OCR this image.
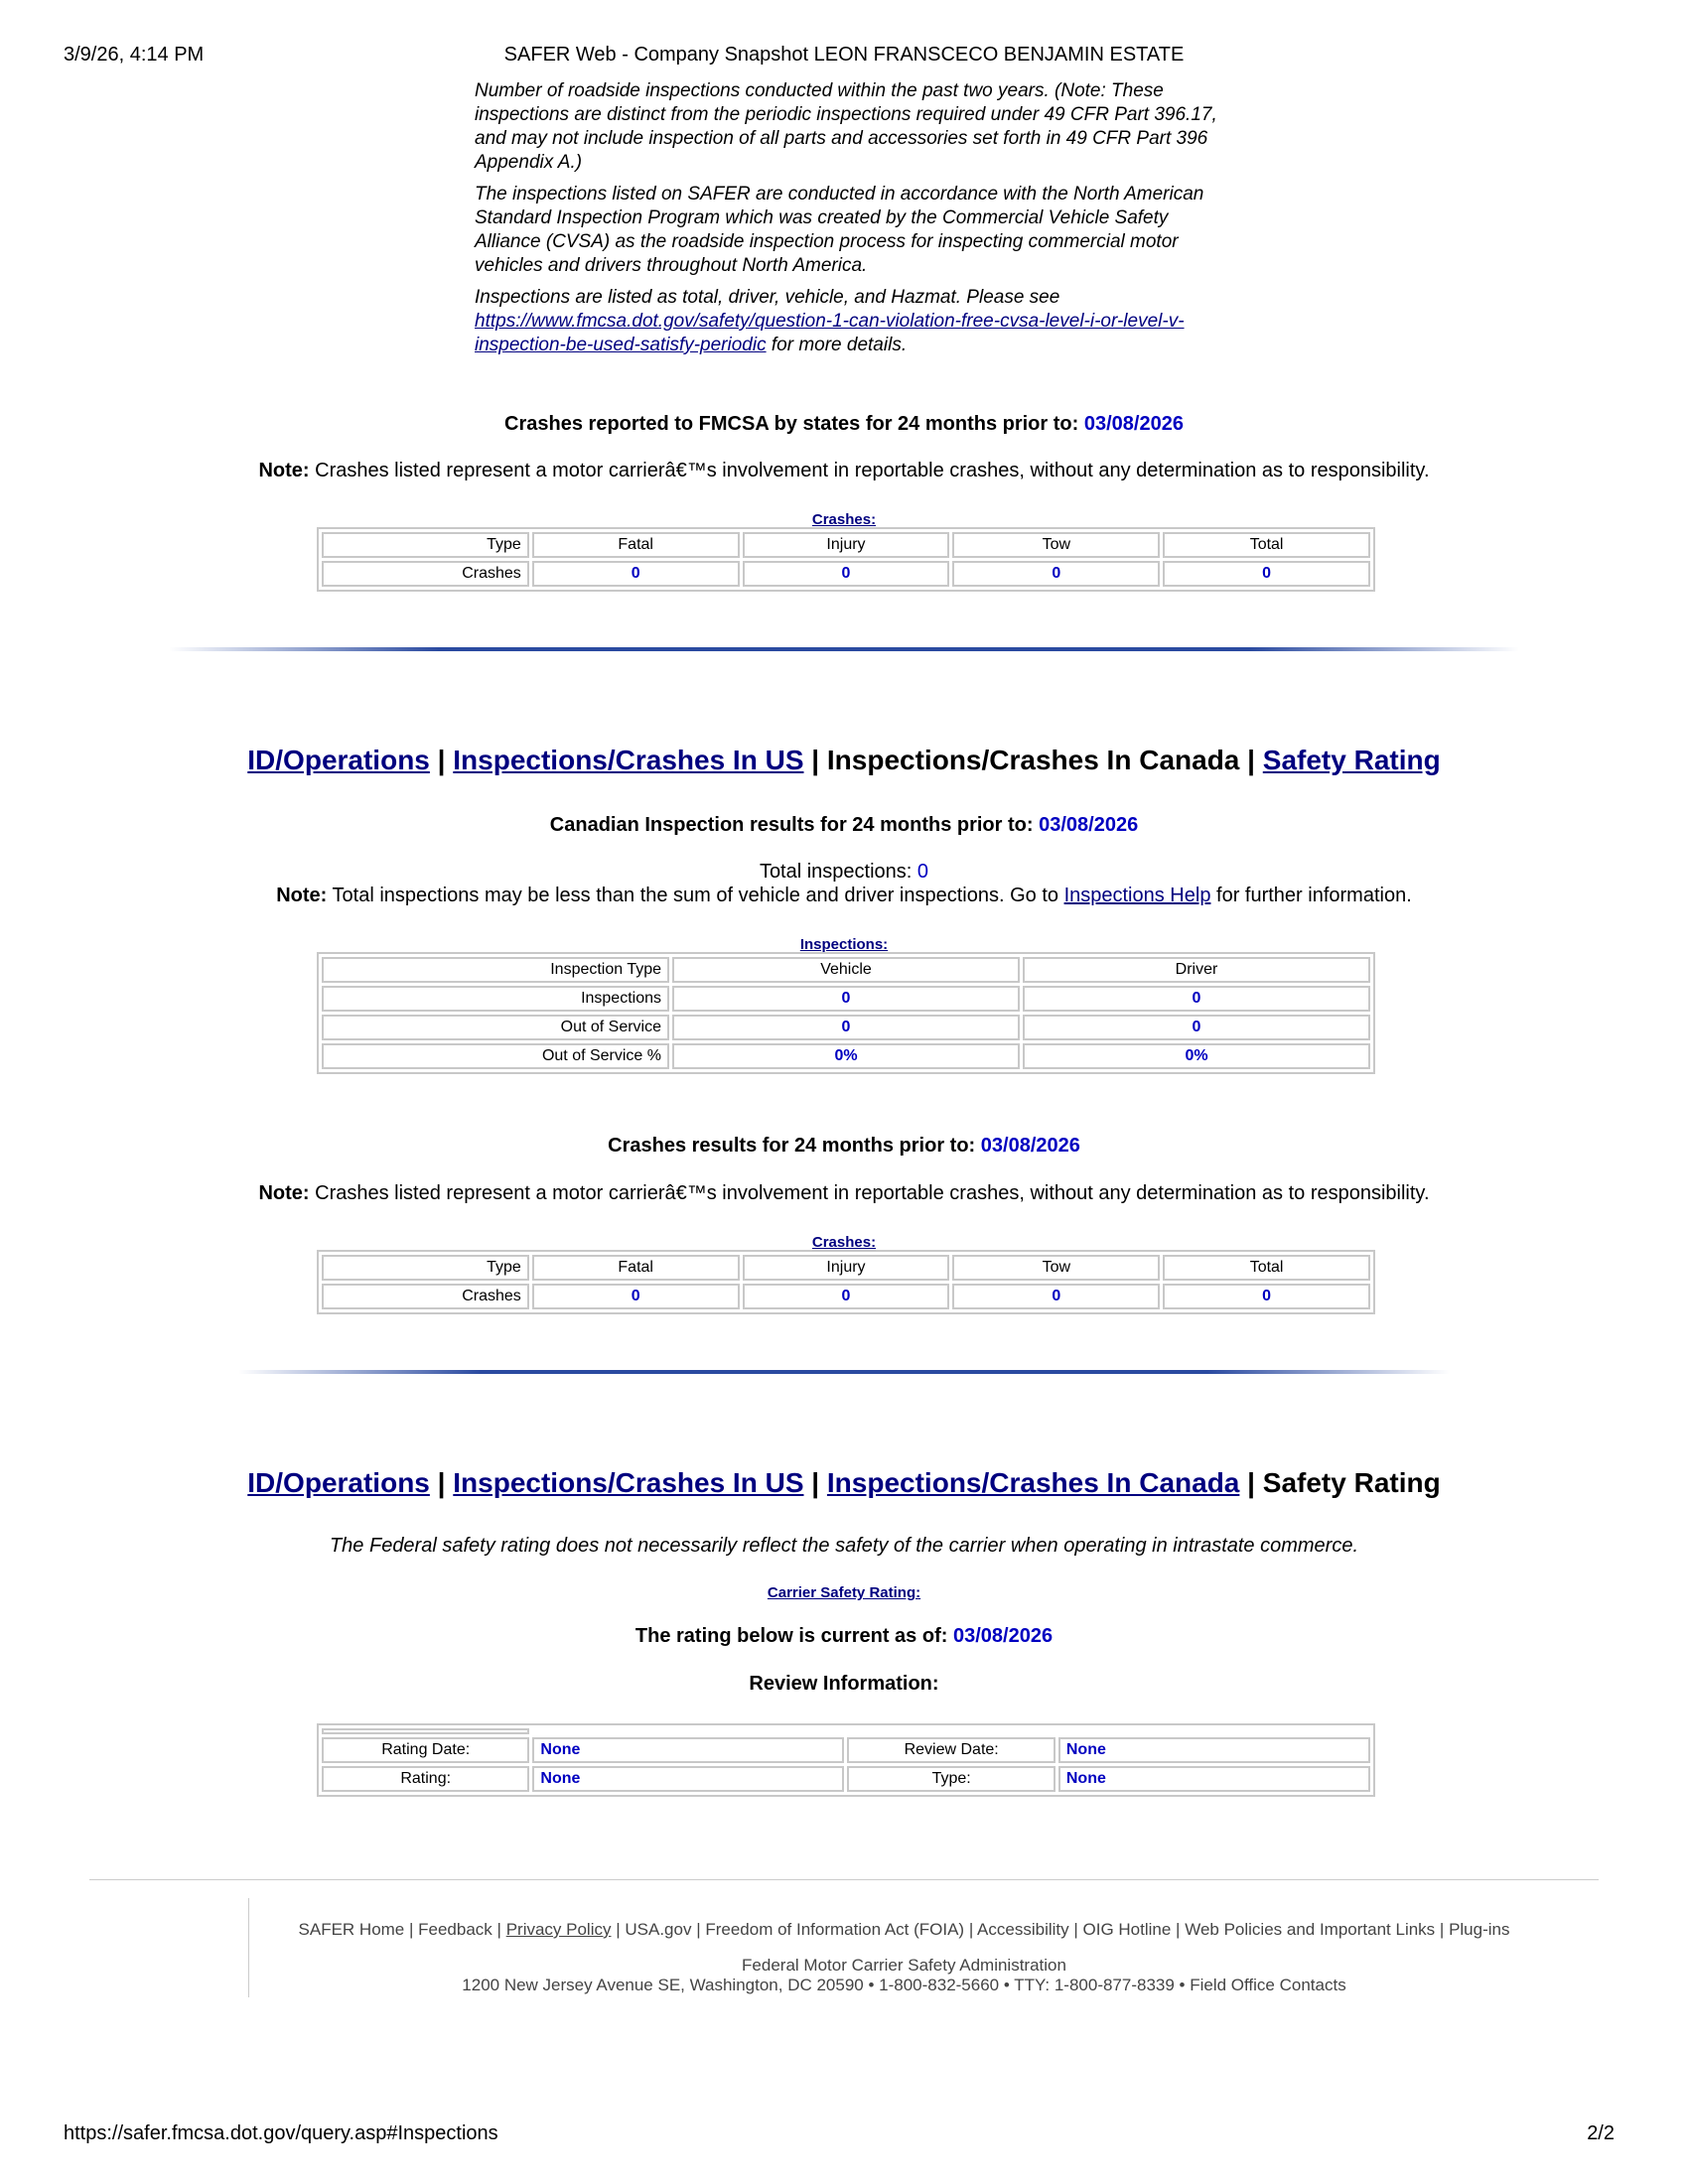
3/9/26, 4:14 PM	SAFER Web - Company Snapshot LEON FRANSCECO BENJAMIN ESTATE

Number of roadside inspections conducted within the past two years. (Note: These inspections are distinct from the periodic inspections required under 49 CFR Part 396.17, and may not include inspection of all parts and accessories set forth in 49 CFR Part 396 Appendix A.)

The inspections listed on SAFER are conducted in accordance with the North American Standard Inspection Program which was created by the Commercial Vehicle Safety Alliance (CVSA) as the roadside inspection process for inspecting commercial motor vehicles and drivers throughout North America.

Inspections are listed as total, driver, vehicle, and Hazmat. Please see https://www.fmcsa.dot.gov/safety/question-1-can-violation-free-cvsa-level-i-or-level-v-inspection-be-used-satisfy-periodic for more details.

Crashes reported to FMCSA by states for 24 months prior to: 03/08/2026
Note: Crashes listed represent a motor carrierâ€™s involvement in reportable crashes, without any determination as to responsibility.
Crashes:
Type	Fatal	Injury	Tow	Total
Crashes	0	0	0	0
ID/Operations | Inspections/Crashes In US | Inspections/Crashes In Canada | Safety Rating
Canadian Inspection results for 24 months prior to: 03/08/2026
Total inspections: 0
Note: Total inspections may be less than the sum of vehicle and driver inspections. Go to Inspections Help for further information.
Inspections:
Inspection Type	Vehicle	Driver
Inspections	0	0
Out of Service	0	0
Out of Service %	0%	0%
Crashes results for 24 months prior to: 03/08/2026
Note: Crashes listed represent a motor carrierâ€™s involvement in reportable crashes, without any determination as to responsibility.
Crashes:
Type	Fatal	Injury	Tow	Total
Crashes	0	0	0	0
ID/Operations | Inspections/Crashes In US | Inspections/Crashes In Canada | Safety Rating
The Federal safety rating does not necessarily reflect the safety of the carrier when operating in intrastate commerce.
Carrier Safety Rating:
The rating below is current as of: 03/08/2026
Review Information:

Rating Date:	None	Review Date:	None
Rating:	None	Type:	None
SAFER Home | Feedback | Privacy Policy | USA.gov | Freedom of Information Act (FOIA) | Accessibility | OIG Hotline | Web Policies and Important Links | Plug-ins
Federal Motor Carrier Safety Administration
1200 New Jersey Avenue SE, Washington, DC 20590 • 1-800-832-5660 • TTY: 1-800-877-8339 • Field Office Contacts
https://safer.fmcsa.dot.gov/query.asp#Inspections	2/2
